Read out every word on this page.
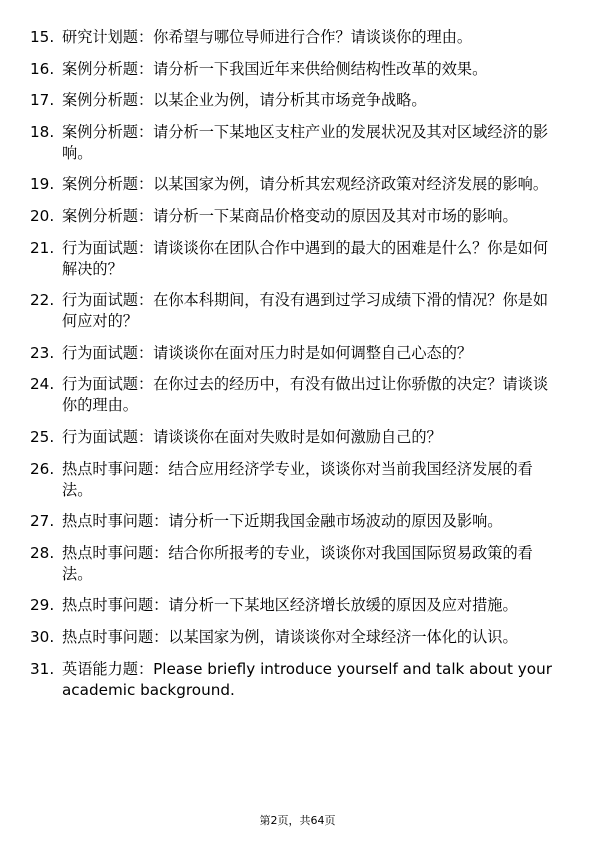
15. 研究计划题：你希望与哪位导师进行合作？请谈谈你的理由。
16. 案例分析题：请分析一下我国近年来供给侧结构性改革的效果。
17. 案例分析题：以某企业为例，请分析其市场竞争战略。
18. 案例分析题：请分析一下某地区支柱产业的发展状况及其对区域经济的影响。
19. 案例分析题：以某国家为例，请分析其宏观经济政策对经济发展的影响。
20. 案例分析题：请分析一下某商品价格变动的原因及其对市场的影响。
21. 行为面试题：请谈谈你在团队合作中遇到的最大的困难是什么？你是如何解决的？
22. 行为面试题：在你本科期间，有没有遇到过学习成绩下滑的情况？你是如何应对的？
23. 行为面试题：请谈谈你在面对压力时是如何调整自己心态的？
24. 行为面试题：在你过去的经历中，有没有做出过让你骄傲的决定？请谈谈你的理由。
25. 行为面试题：请谈谈你在面对失败时是如何激励自己的？
26. 热点时事问题：结合应用经济学专业，谈谈你对当前我国经济发展的看法。
27. 热点时事问题：请分析一下近期我国金融市场波动的原因及影响。
28. 热点时事问题：结合你所报考的专业，谈谈你对我国国际贸易政策的看法。
29. 热点时事问题：请分析一下某地区经济增长放缓的原因及应对措施。
30. 热点时事问题：以某国家为例，请谈谈你对全球经济一体化的认识。
31. 英语能力题：Please briefly introduce yourself and talk about your academic background.
第2页，共64页
